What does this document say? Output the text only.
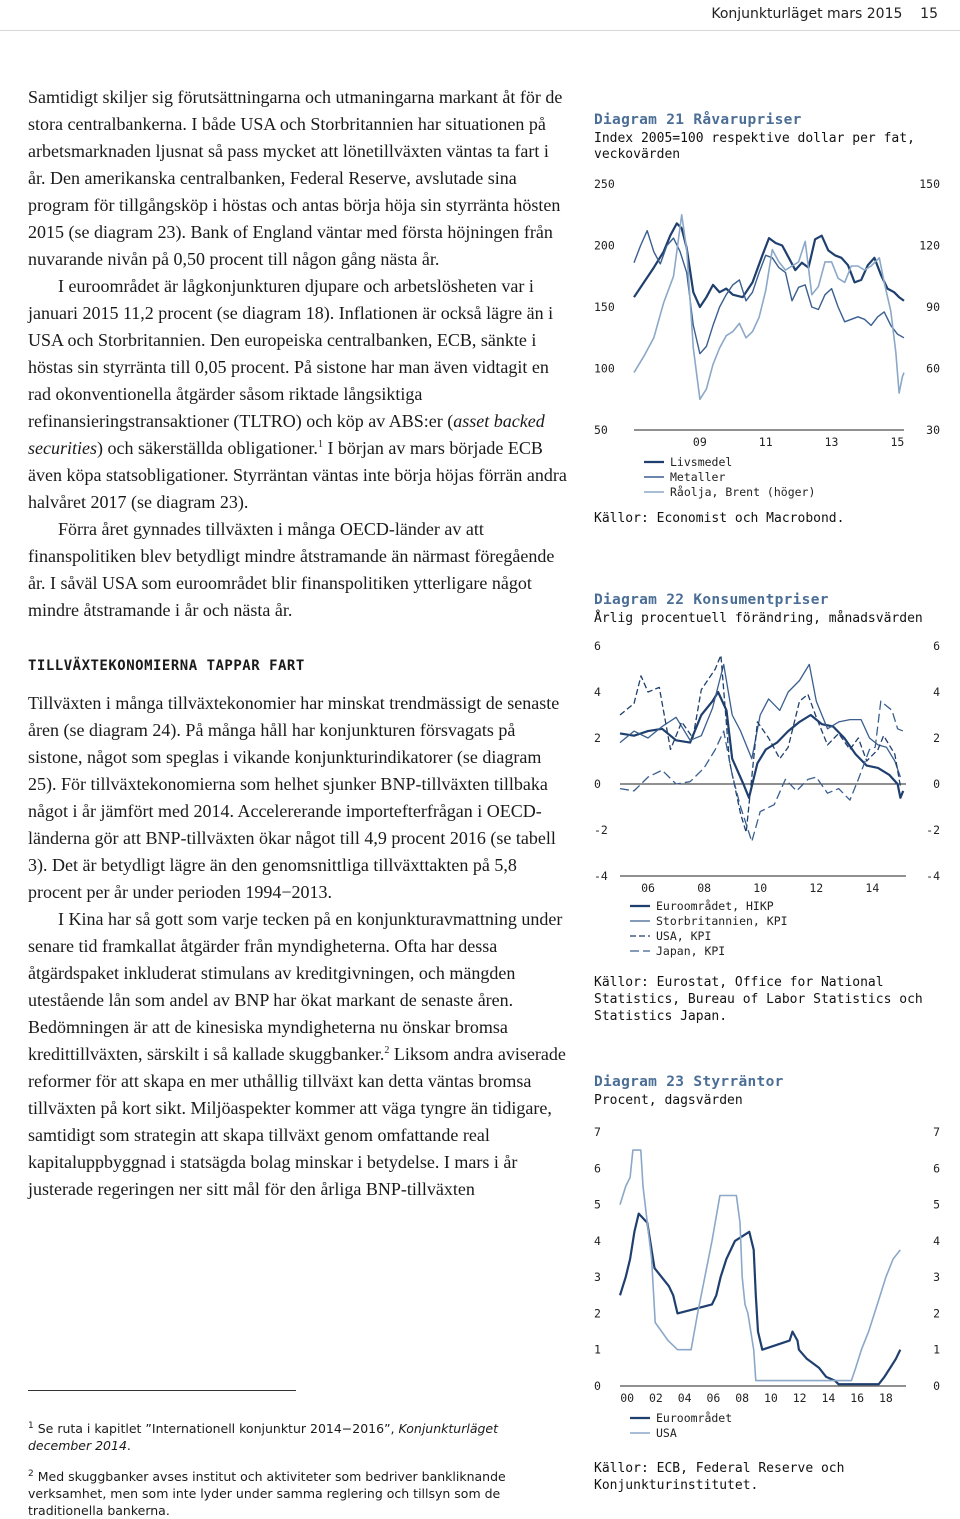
Konjunkturläget mars 2015    15

Samtidigt skiljer sig förutsättningarna och utmaningarna markant åt för de stora centralbankerna. I både USA och Storbritannien har situationen på arbetsmarknaden ljusnat så pass mycket att lönetillväxten väntas ta fart i år. Den amerikanska centralbanken, Federal Reserve, avslutade sina program för tillgångsköp i höstas och antas börja höja sin styrränta hösten 2015 (se diagram 23). Bank of England väntar med första höjningen från nuvarande nivån på 0,50 procent till någon gång nästa år.

I euroområdet är lågkonjunkturen djupare och arbetslösheten var i januari 2015 11,2 procent (se diagram 18). Inflationen är också lägre än i USA och Storbritannien. Den europeiska centralbanken, ECB, sänkte i höstas sin styrränta till 0,05 procent. På sistone har man även vidtagit en rad okonventionella åtgärder såsom riktade långsiktiga refinansieringstransaktioner (TLTRO) och köp av ABS:er (asset backed securities) och säkerställda obligationer.$^1$ I början av mars började ECB även köpa statsobligationer. Styrräntan väntas inte börja höjas förrän andra halvåret 2017 (se diagram 23).

Förra året gynnades tillväxten i många OECD-länder av att finanspolitiken blev betydligt mindre åtstramande än närmast föregående år. I såväl USA som euroområdet blir finanspolitiken ytterligare något mindre åtstramande i år och nästa år.

TILLVÄXTEKONOMIERNA TAPPAR FART

Tillväxten i många tillväxtekonomier har minskat trendmässigt de senaste åren (se diagram 24). På många håll har konjunkturen försvagats på sistone, något som speglas i vikande konjunkturindikatorer (se diagram 25). För tillväxtekonomierna som helhet sjunker BNP-tillväxten tillbaka något i år jämfört med 2014. Accelererande importefterfrågan i OECD-länderna gör att BNP-tillväxten ökar något till 4,9 procent 2016 (se tabell 3). Det är betydligt lägre än den genomsnittliga tillväxttakten på 5,8 procent per år under perioden 1994−2013.

I Kina har så gott som varje tecken på en konjunkturavmattning under senare tid framkallat åtgärder från myndigheterna. Ofta har dessa åtgärdspaket inkluderat stimulans av kreditgivningen, och mängden utestående lån som andel av BNP har ökat markant de senaste åren. Bedömningen är att de kinesiska myndigheterna nu önskar bromsa kredittillväxten, särskilt i så kallade skuggbanker.$^2$ Liksom andra aviserade reformer för att skapa en mer uthållig tillväxt kan detta väntas bromsa tillväxten på kort sikt. Miljöaspekter kommer att väga tyngre än tidigare, samtidigt som strategin att skapa tillväxt genom omfattande real kapitaluppbyggnad i statsägda bolag minskar i betydelse. I mars i år justerade regeringen ner sitt mål för den årliga BNP-tillväxten

$^1$ Se ruta i kapitlet ”Internationell konjunktur 2014−2016”, Konjunkturläget december 2014.
$^2$ Med skuggbanker avses institut och aktiviteter som bedriver bankliknande verksamhet, men som inte lyder under samma reglering och tillsyn som de traditionella bankerna.
Diagram 21 Råvarupriser
Index 2005=100 respektive dollar per fat, veckovärden
50
100
150
200
250
30
60
90
120
150
09	11	13	15
Livsmedel
Metaller
Råolja, Brent (höger)
Källor: Economist och Macrobond.
Diagram 22 Konsumentpriser
Årlig procentuell förändring, månadsvärden
-4
-2
0
2
4
6
-4
-2
0
2
4
6
06	08	10	12	14
Euroområdet, HIKP
Storbritannien, KPI
USA, KPI
Japan, KPI
Källor: Eurostat, Office for National Statistics, Bureau of Labor Statistics och Statistics Japan.
Diagram 23 Styrräntor
Procent, dagsvärden
0
1
2
3
4
5
6
7
0
1
2
3
4
5
6
7
00 02 04 06 08 10 12 14 16 18
Euroområdet
USA
Källor: ECB, Federal Reserve och Konjunkturinstitutet.
